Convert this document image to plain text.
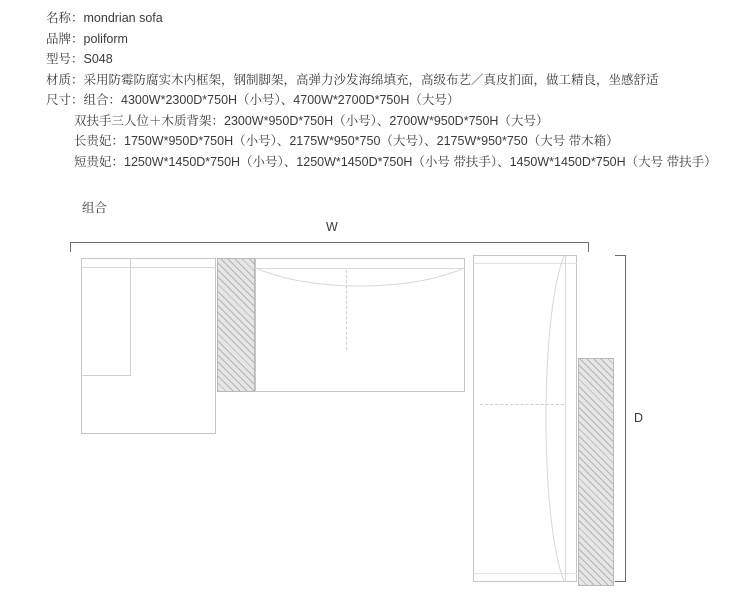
名称：mondrian sofa
品牌：poliform
型号：S048
材质：采用防霉防腐实木内框架，钢制脚架，高弹力沙发海绵填充，高级布艺／真皮扪面，做工精良，坐感舒适
尺寸：组合：4300W*2300D*750H（小号）、4700W*2700D*750H（大号）
双扶手三人位＋木质背架：2300W*950D*750H（小号）、2700W*950D*750H（大号）
长贵妃：1750W*950D*750H（小号）、2175W*950*750（大号）、2175W*950*750（大号 带木箱）
短贵妃：1250W*1450D*750H（小号）、1250W*1450D*750H（小号 带扶手）、1450W*1450D*750H（大号 带扶手）
组合
W
D
